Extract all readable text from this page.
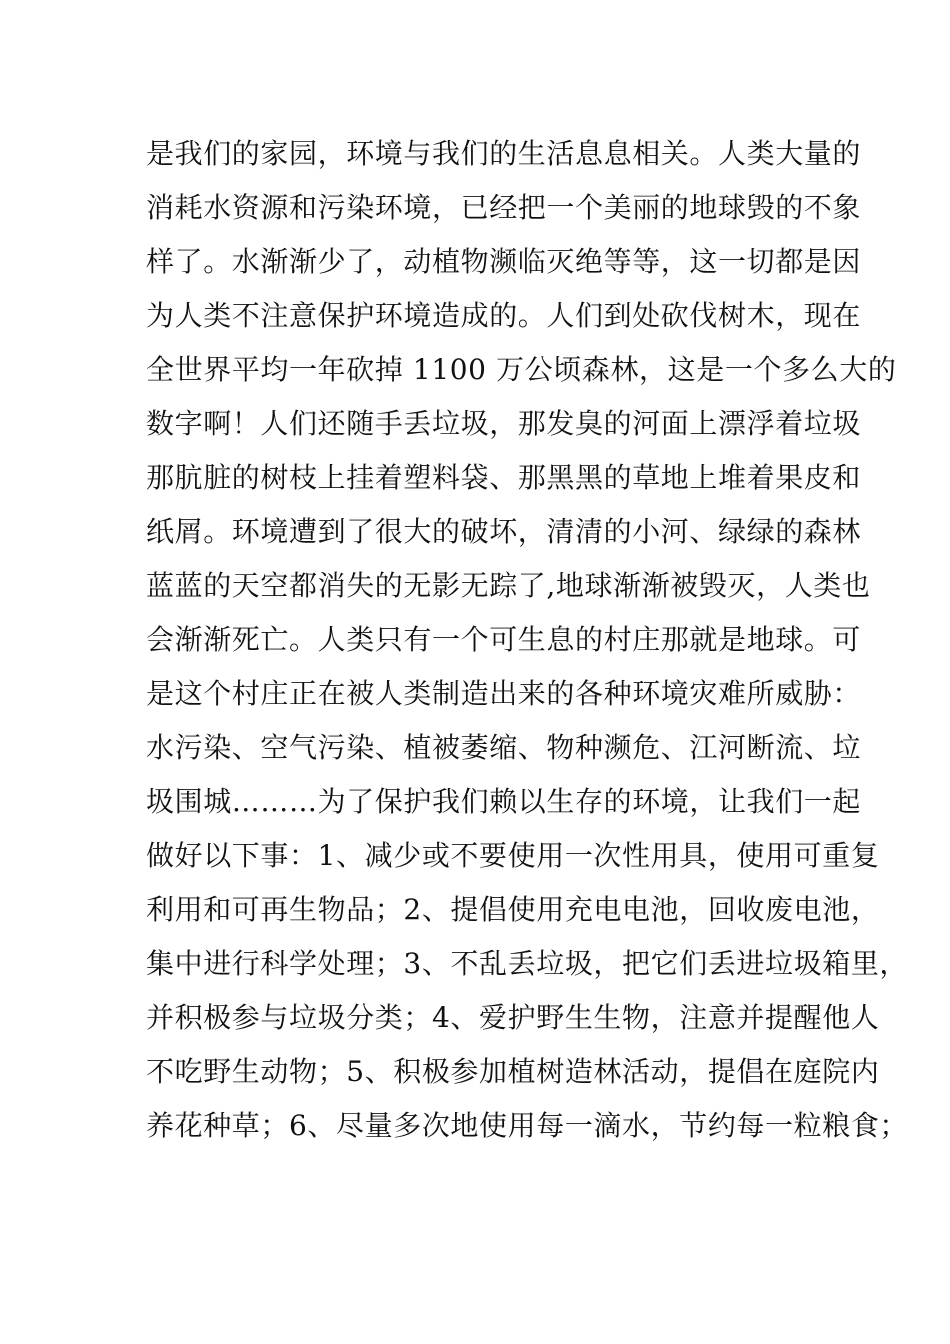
是我们的家园，环境与我们的生活息息相关。人类大量的
消耗水资源和污染环境，已经把一个美丽的地球毁的不象
样了。水渐渐少了，动植物濒临灭绝等等，这一切都是因
为人类不注意保护环境造成的。人们到处砍伐树木，现在
全世界平均一年砍掉 1100 万公顷森林，这是一个多么大的
数字啊！人们还随手丢垃圾，那发臭的河面上漂浮着垃圾
那肮脏的树枝上挂着塑料袋、那黑黑的草地上堆着果皮和
纸屑。环境遭到了很大的破坏，清清的小河、绿绿的森林
蓝蓝的天空都消失的无影无踪了,地球渐渐被毁灭，人类也
会渐渐死亡。人类只有一个可生息的村庄那就是地球。可
是这个村庄正在被人类制造出来的各种环境灾难所威胁：
水污染、空气污染、植被萎缩、物种濒危、江河断流、垃
圾围城………为了保护我们赖以生存的环境，让我们一起
做好以下事：1、减少或不要使用一次性用具，使用可重复
利用和可再生物品；2、提倡使用充电电池，回收废电池，
集中进行科学处理；3、不乱丢垃圾，把它们丢进垃圾箱里，
并积极参与垃圾分类；4、爱护野生生物，注意并提醒他人
不吃野生动物；5、积极参加植树造林活动，提倡在庭院内
养花种草；6、尽量多次地使用每一滴水，节约每一粒粮食；
